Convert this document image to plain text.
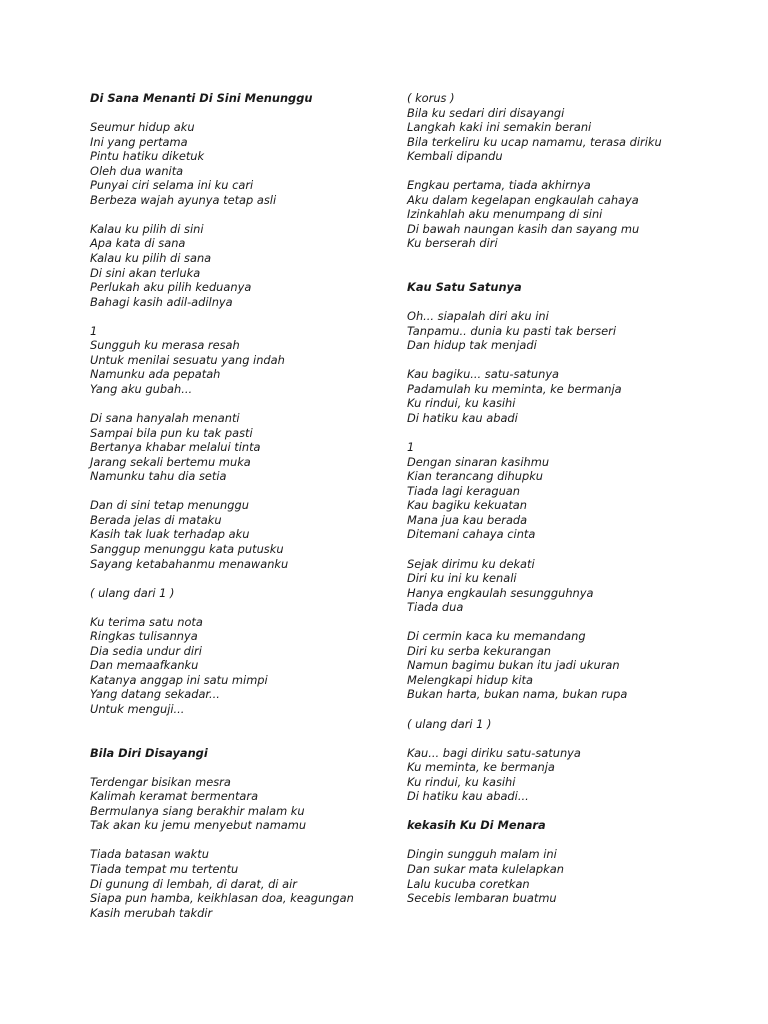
Di Sana Menanti Di Sini Menunggu
Seumur hidup aku
Ini yang pertama
Pintu hatiku diketuk
Oleh dua wanita
Punyai ciri selama ini ku cari
Berbeza wajah ayunya tetap asli
Kalau ku pilih di sini
Apa kata di sana
Kalau ku pilih di sana
Di sini akan terluka
Perlukah aku pilih keduanya
Bahagi kasih adil-adilnya
1
Sungguh ku merasa resah
Untuk menilai sesuatu yang indah
Namunku ada pepatah
Yang aku gubah...
Di sana hanyalah menanti
Sampai bila pun ku tak pasti
Bertanya khabar melalui tinta
Jarang sekali bertemu muka
Namunku tahu dia setia
Dan di sini tetap menunggu
Berada jelas di mataku
Kasih tak luak terhadap aku
Sanggup menunggu kata putusku
Sayang ketabahanmu menawanku
( ulang dari 1 )
Ku terima satu nota
Ringkas tulisannya
Dia sedia undur diri
Dan memaafkanku
Katanya anggap ini satu mimpi
Yang datang sekadar...
Untuk menguji...
Bila Diri Disayangi
Terdengar bisikan mesra
Kalimah keramat bermentara
Bermulanya siang berakhir malam ku
Tak akan ku jemu menyebut namamu
Tiada batasan waktu
Tiada tempat mu tertentu
Di gunung di lembah, di darat, di air
Siapa pun hamba, keikhlasan doa, keagungan
Kasih merubah takdir
( korus )
Bila ku sedari diri disayangi
Langkah kaki ini semakin berani
Bila terkeliru ku ucap namamu, terasa diriku
Kembali dipandu
Engkau pertama, tiada akhirnya
Aku dalam kegelapan engkaulah cahaya
Izinkahlah aku menumpang di sini
Di bawah naungan kasih dan sayang mu
Ku berserah diri
Kau Satu Satunya
Oh... siapalah diri aku ini
Tanpamu.. dunia ku pasti tak berseri
Dan hidup tak menjadi
Kau bagiku... satu-satunya
Padamulah ku meminta, ke bermanja
Ku rindui, ku kasihi
Di hatiku kau abadi
1
Dengan sinaran kasihmu
Kian terancang dihupku
Tiada lagi keraguan
Kau bagiku kekuatan
Mana jua kau berada
Ditemani cahaya cinta
Sejak dirimu ku dekati
Diri ku ini ku kenali
Hanya engkaulah sesungguhnya
Tiada dua
Di cermin kaca ku memandang
Diri ku serba kekurangan
Namun bagimu bukan itu jadi ukuran
Melengkapi hidup kita
Bukan harta, bukan nama, bukan rupa
( ulang dari 1 )
Kau... bagi diriku satu-satunya
Ku meminta, ke bermanja
Ku rindui, ku kasihi
Di hatiku kau abadi...
kekasih Ku Di Menara
Dingin sungguh malam ini
Dan sukar mata kulelapkan
Lalu kucuba coretkan
Secebis lembaran buatmu
